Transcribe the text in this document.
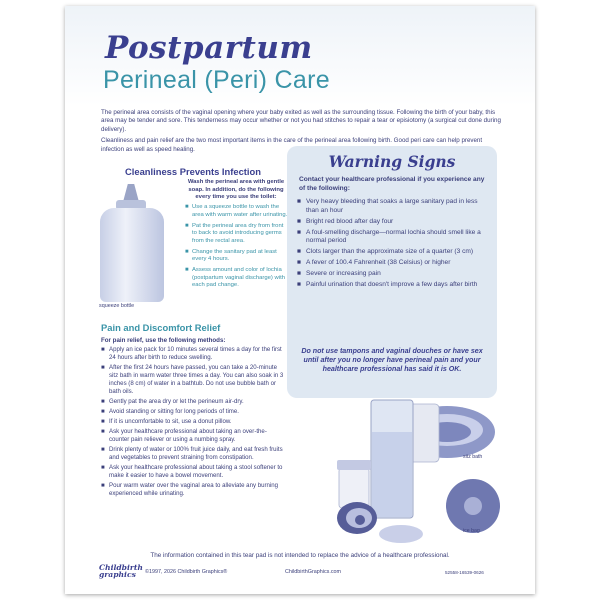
Postpartum
Perineal (Peri) Care

The perineal area consists of the vaginal opening where your baby exited as well as the surrounding tissue. Following the birth of your baby, this area may be tender and sore. This tenderness may occur whether or not you had stitches to repair a tear or episiotomy (a surgical cut done during delivery).

Cleanliness and pain relief are the two most important items in the care of the perineal area following birth. Good peri care can help prevent infection as well as speed healing.

Cleanliness Prevents Infection
squeeze bottle
Wash the perineal area with gentle soap. In addition, do the following every time you use the toilet:
■ Use a squeeze bottle to wash the area with warm water after urinating.
■ Pat the perineal area dry from front to back to avoid introducing germs from the rectal area.
■ Change the sanitary pad at least every 4 hours.
■ Assess amount and color of lochia (postpartum vaginal discharge) with each pad change.
Warning Signs
Contact your healthcare professional if you experience any of the following:
■ Very heavy bleeding that soaks a large sanitary pad in less than an hour
■ Bright red blood after day four
■ A foul-smelling discharge—normal lochia should smell like a normal period
■ Clots larger than the approximate size of a quarter (3 cm)
■ A fever of 100.4 Fahrenheit (38 Celsius) or higher
■ Severe or increasing pain
■ Painful urination that doesn't improve a few days after birth
Do not use tampons and vaginal douches or have sex until after you no longer have perineal pain and your healthcare professional has said it is OK.
Pain and Discomfort Relief
For pain relief, use the following methods:
■ Apply an ice pack for 10 minutes several times a day for the first 24 hours after birth to reduce swelling.
■ After the first 24 hours have passed, you can take a 20-minute sitz bath in warm water three times a day. You can also soak in 3 inches (8 cm) of water in a bathtub. Do not use bubble bath or bath oils.
■ Gently pat the area dry or let the perineum air-dry.
■ Avoid standing or sitting for long periods of time.
■ If it is uncomfortable to sit, use a donut pillow.
■ Ask your healthcare professional about taking an over-the-counter pain reliever or using a numbing spray.
■ Drink plenty of water or 100% fruit juice daily, and eat fresh fruits and vegetables to prevent straining from constipation.
■ Ask your healthcare professional about taking a stool softener to make it easier to have a bowel movement.
■ Pour warm water over the vaginal area to alleviate any burning experienced while urinating.
sitz bath
ice bag
The information contained in this tear pad is not intended to replace the advice of a healthcare professional.
Childbirth graphics	©1997, 2026 Childbirth Graphics®	ChildbirthGraphics.com	52558-16539-0626
